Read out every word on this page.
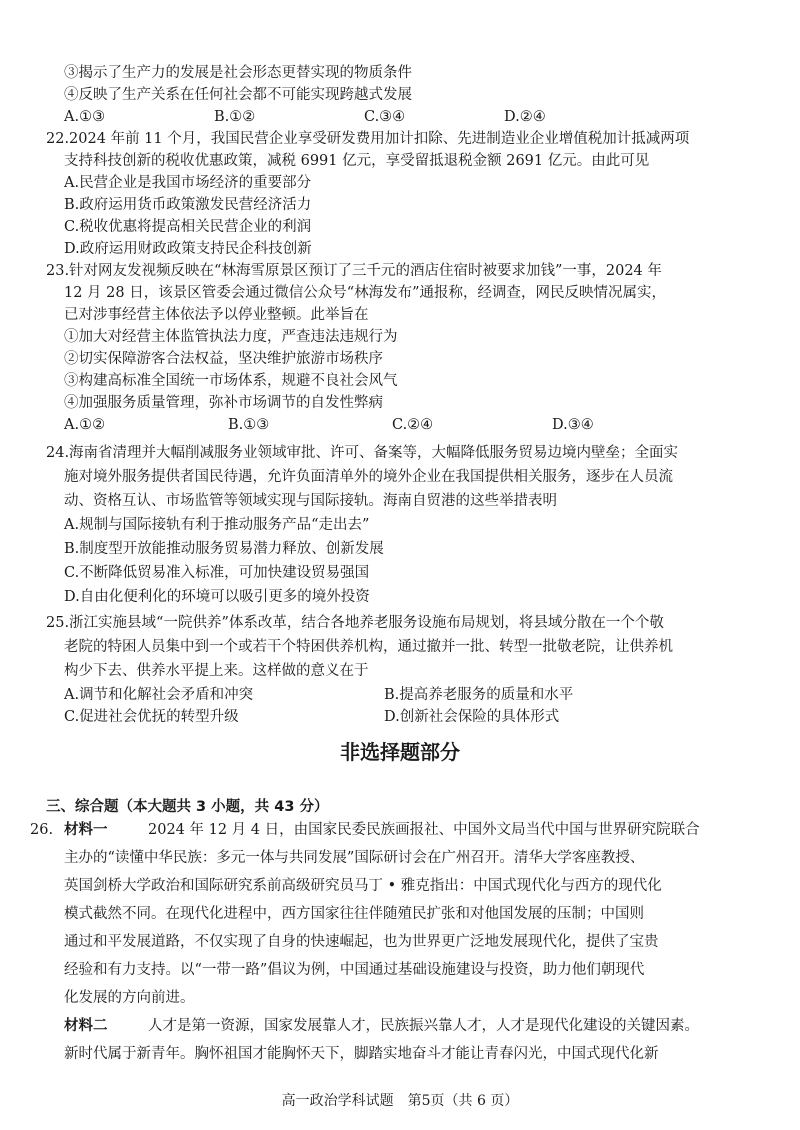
③揭示了生产力的发展是社会形态更替实现的物质条件
④反映了生产关系在任何社会都不可能实现跨越式发展
A.①③	B.①②	C.③④	D.②④
22.2024 年前 11 个月，我国民营企业享受研发费用加计扣除、先进制造业企业增值税加计抵减两项
支持科技创新的税收优惠政策，减税 6991 亿元，享受留抵退税金额 2691 亿元。由此可见
A.民营企业是我国市场经济的重要部分
B.政府运用货币政策激发民营经济活力
C.税收优惠将提高相关民营企业的利润
D.政府运用财政政策支持民企科技创新
23.针对网友发视频反映在“林海雪原景区预订了三千元的酒店住宿时被要求加钱”一事，2024 年
12 月 28 日，该景区管委会通过微信公众号“林海发布”通报称，经调查，网民反映情况属实，
已对涉事经营主体依法予以停业整顿。此举旨在
①加大对经营主体监管执法力度，严查违法违规行为
②切实保障游客合法权益，坚决维护旅游市场秩序
③构建高标准全国统一市场体系，规避不良社会风气
④加强服务质量管理，弥补市场调节的自发性弊病
A.①②	B.①③	C.②④	D.③④
24.海南省清理并大幅削减服务业领域审批、许可、备案等，大幅降低服务贸易边境内壁垒；全面实
施对境外服务提供者国民待遇，允许负面清单外的境外企业在我国提供相关服务，逐步在人员流
动、资格互认、市场监管等领域实现与国际接轨。海南自贸港的这些举措表明
A.规制与国际接轨有利于推动服务产品“走出去”
B.制度型开放能推动服务贸易潜力释放、创新发展
C.不断降低贸易准入标准，可加快建设贸易强国
D.自由化便利化的环境可以吸引更多的境外投资
25.浙江实施县域“一院供养”体系改革，结合各地养老服务设施布局规划，将县域分散在一个个敬
老院的特困人员集中到一个或若干个特困供养机构，通过撤并一批、转型一批敬老院，让供养机
构少下去、供养水平提上来。这样做的意义在于
A.调节和化解社会矛盾和冲突	B.提高养老服务的质量和水平
C.促进社会优抚的转型升级	D.创新社会保险的具体形式
非选择题部分
三、综合题（本大题共 3 小题，共 43 分）
26. 材料一	2024 年 12 月 4 日，由国家民委民族画报社、中国外文局当代中国与世界研究院联合
主办的“读懂中华民族：多元一体与共同发展”国际研讨会在广州召开。清华大学客座教授、
英国剑桥大学政治和国际研究系前高级研究员马丁 • 雅克指出：中国式现代化与西方的现代化
模式截然不同。在现代化进程中，西方国家往往伴随殖民扩张和对他国发展的压制；中国则
通过和平发展道路，不仅实现了自身的快速崛起，也为世界更广泛地发展现代化，提供了宝贵
经验和有力支持。以“一带一路”倡议为例，中国通过基础设施建设与投资，助力他们朝现代
化发展的方向前进。
材料二	人才是第一资源，国家发展靠人才，民族振兴靠人才，人才是现代化建设的关键因素。
新时代属于新青年。胸怀祖国才能胸怀天下，脚踏实地奋斗才能让青春闪光，中国式现代化新
高一政治学科试题　第5页（共 6 页）
